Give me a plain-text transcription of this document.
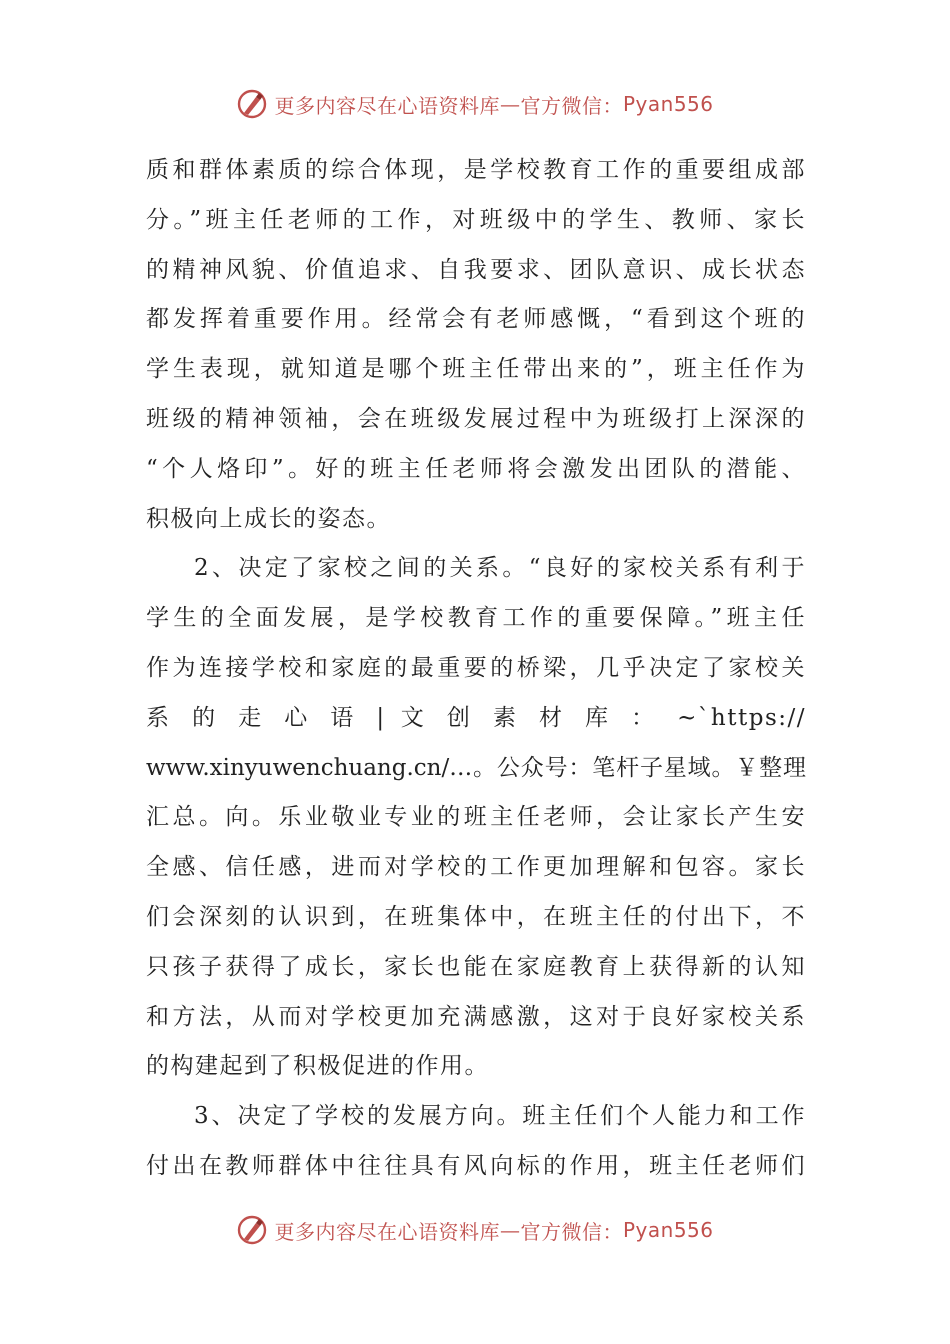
更多内容尽在心语资料库 — 官方微信： Pyan556
质和群体素质的综合体现，是学校教育工作的重要组成部
分。”班主任老师的工作，对班级中的学生、教师、家长
的精神风貌、价值追求、自我要求、团队意识、成长状态
都发挥着重要作用。经常会有老师感慨，“看到这个班的
学生表现，就知道是哪个班主任带出来的”，班主任作为
班级的精神领袖，会在班级发展过程中为班级打上深深的
“个人烙印”。好的班主任老师将会激发出团队的潜能、
积极向上成长的姿态。
2、决定了家校之间的关系。“良好的家校关系有利于
学生的全面发展，是学校教育工作的重要保障。”班主任
作为连接学校和家庭的最重要的桥梁，几乎决定了家校关
系 的 走 心 语 | 文 创 素 材 库 ： ~`https://
www.xinyuwenchuang.cn/…。公众号：笔杆子星域。￥整理
汇总。向。乐业敬业专业的班主任老师，会让家长产生安
全感、信任感，进而对学校的工作更加理解和包容。家长
们会深刻的认识到，在班集体中，在班主任的付出下，不
只孩子获得了成长，家长也能在家庭教育上获得新的认知
和方法，从而对学校更加充满感激，这对于良好家校关系
的构建起到了积极促进的作用。
3、决定了学校的发展方向。班主任们个人能力和工作
付出在教师群体中往往具有风向标的作用，班主任老师们
更多内容尽在心语资料库 — 官方微信： Pyan556
